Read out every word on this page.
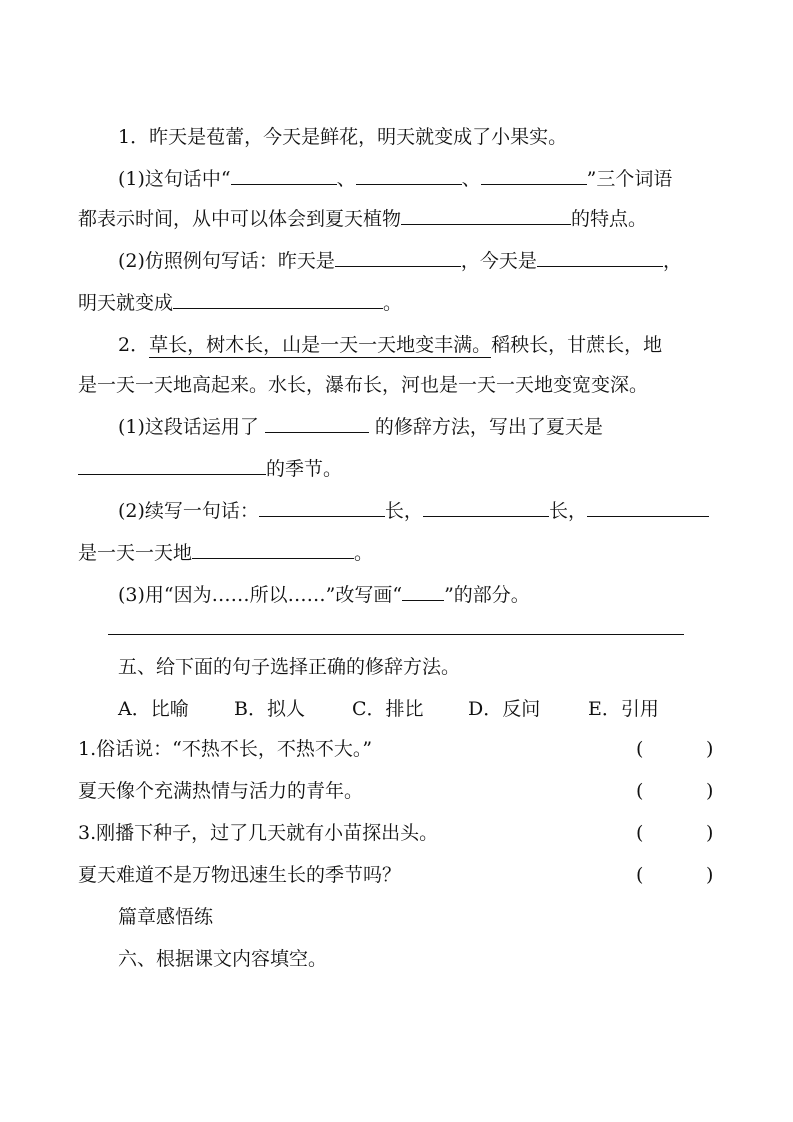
1．昨天是苞蕾，今天是鲜花，明天就变成了小果实。
(1)这句话中“	、	、	”三个词语
都表示时间，从中可以体会到夏天植物	的特点。
(2)仿照例句写话：昨天是	，今天是	，
明天就变成	。
2．草长，树木长，山是一天一天地变丰满。稻秧长，甘蔗长，地
是一天一天地高起来。水长，瀑布长，河也是一天一天地变宽变深。
(1)这段话运用了	的修辞方法，写出了夏天是
的季节。
(2)续写一句话：	长，	长，
是一天一天地	。
(3)用“因为……所以……”改写画“ ”的部分。
五、给下面的句子选择正确的修辞方法。
A．比喻 B．拟人 C．排比 D．反问	E．引用
1.俗话说：“不热不长，不热不大。”	(	)
夏天像个充满热情与活力的青年。	(	)
3.刚播下种子，过了几天就有小苗探出头。	(	)
夏天难道不是万物迅速生长的季节吗？	(	)
篇章感悟练
六、根据课文内容填空。
